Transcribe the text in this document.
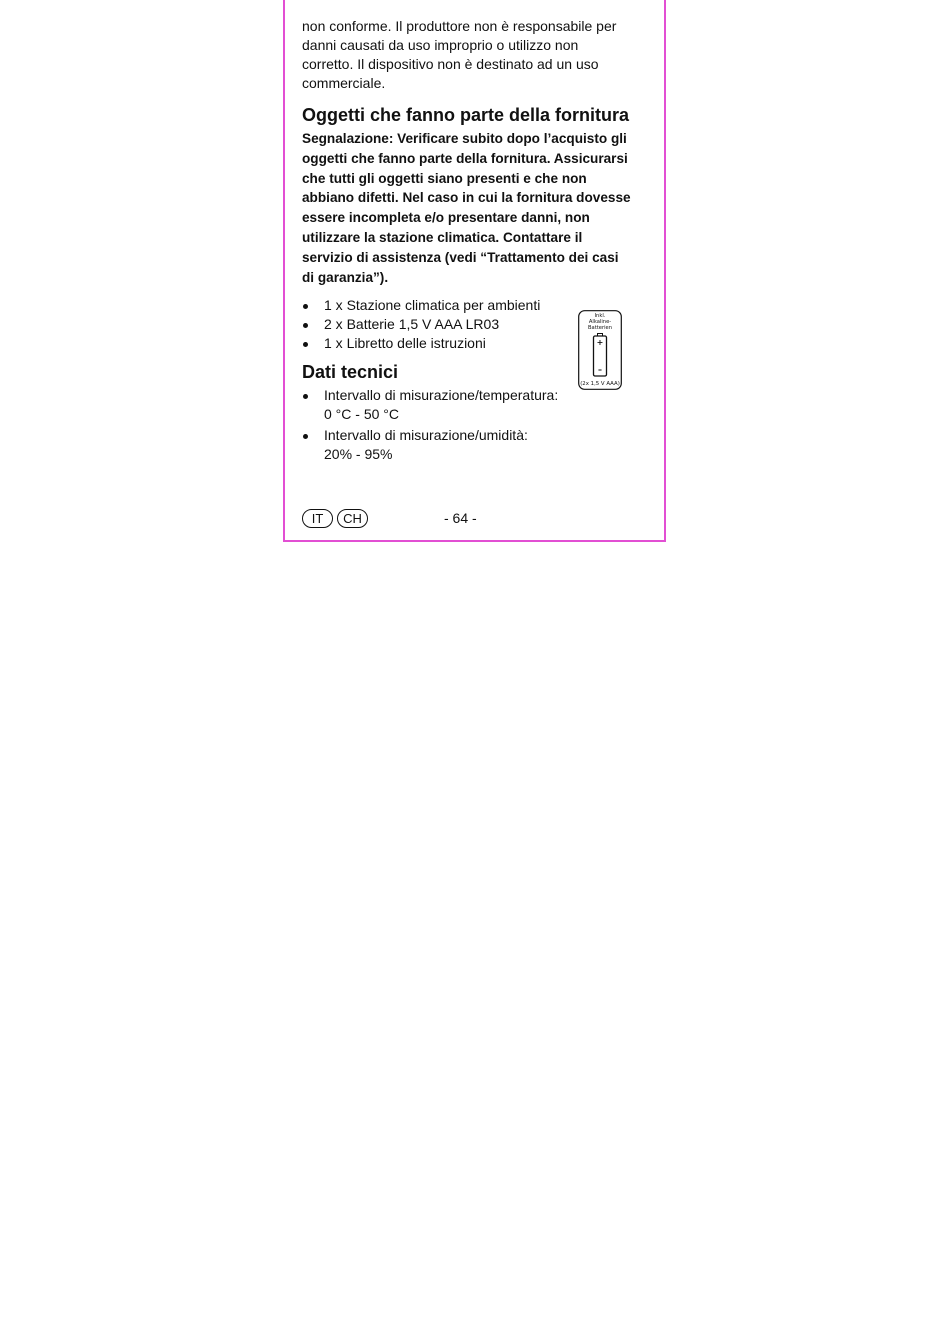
non conforme. Il produttore non è responsabile per danni causati da uso improprio o utilizzo non corretto. Il dispositivo non è destinato ad un uso commerciale.

Oggetti che fanno parte della fornitura

Segnalazione: Verificare subito dopo l’acquisto gli oggetti che fanno parte della fornitura. Assicurarsi che tutti gli oggetti siano presenti e che non abbiano difetti. Nel caso in cui la fornitura dovesse essere incompleta e/o presentare danni, non utilizzare la stazione climatica. Contattare il servizio di assistenza (vedi “Trattamento dei casi di garanzia”).

1 x Stazione climatica per ambienti
2 x Batterie 1,5 V AAA LR03
1 x Libretto delle istruzioni
Dati tecnici
Intervallo di misurazione/temperatura:
0 °C - 50 °C
Intervallo di misurazione/umidità:
20% - 95%
Inkl.
Alkaline-
Batterien
+
–
(2x 1,5 V AAA)
IT	CH	- 64 -
